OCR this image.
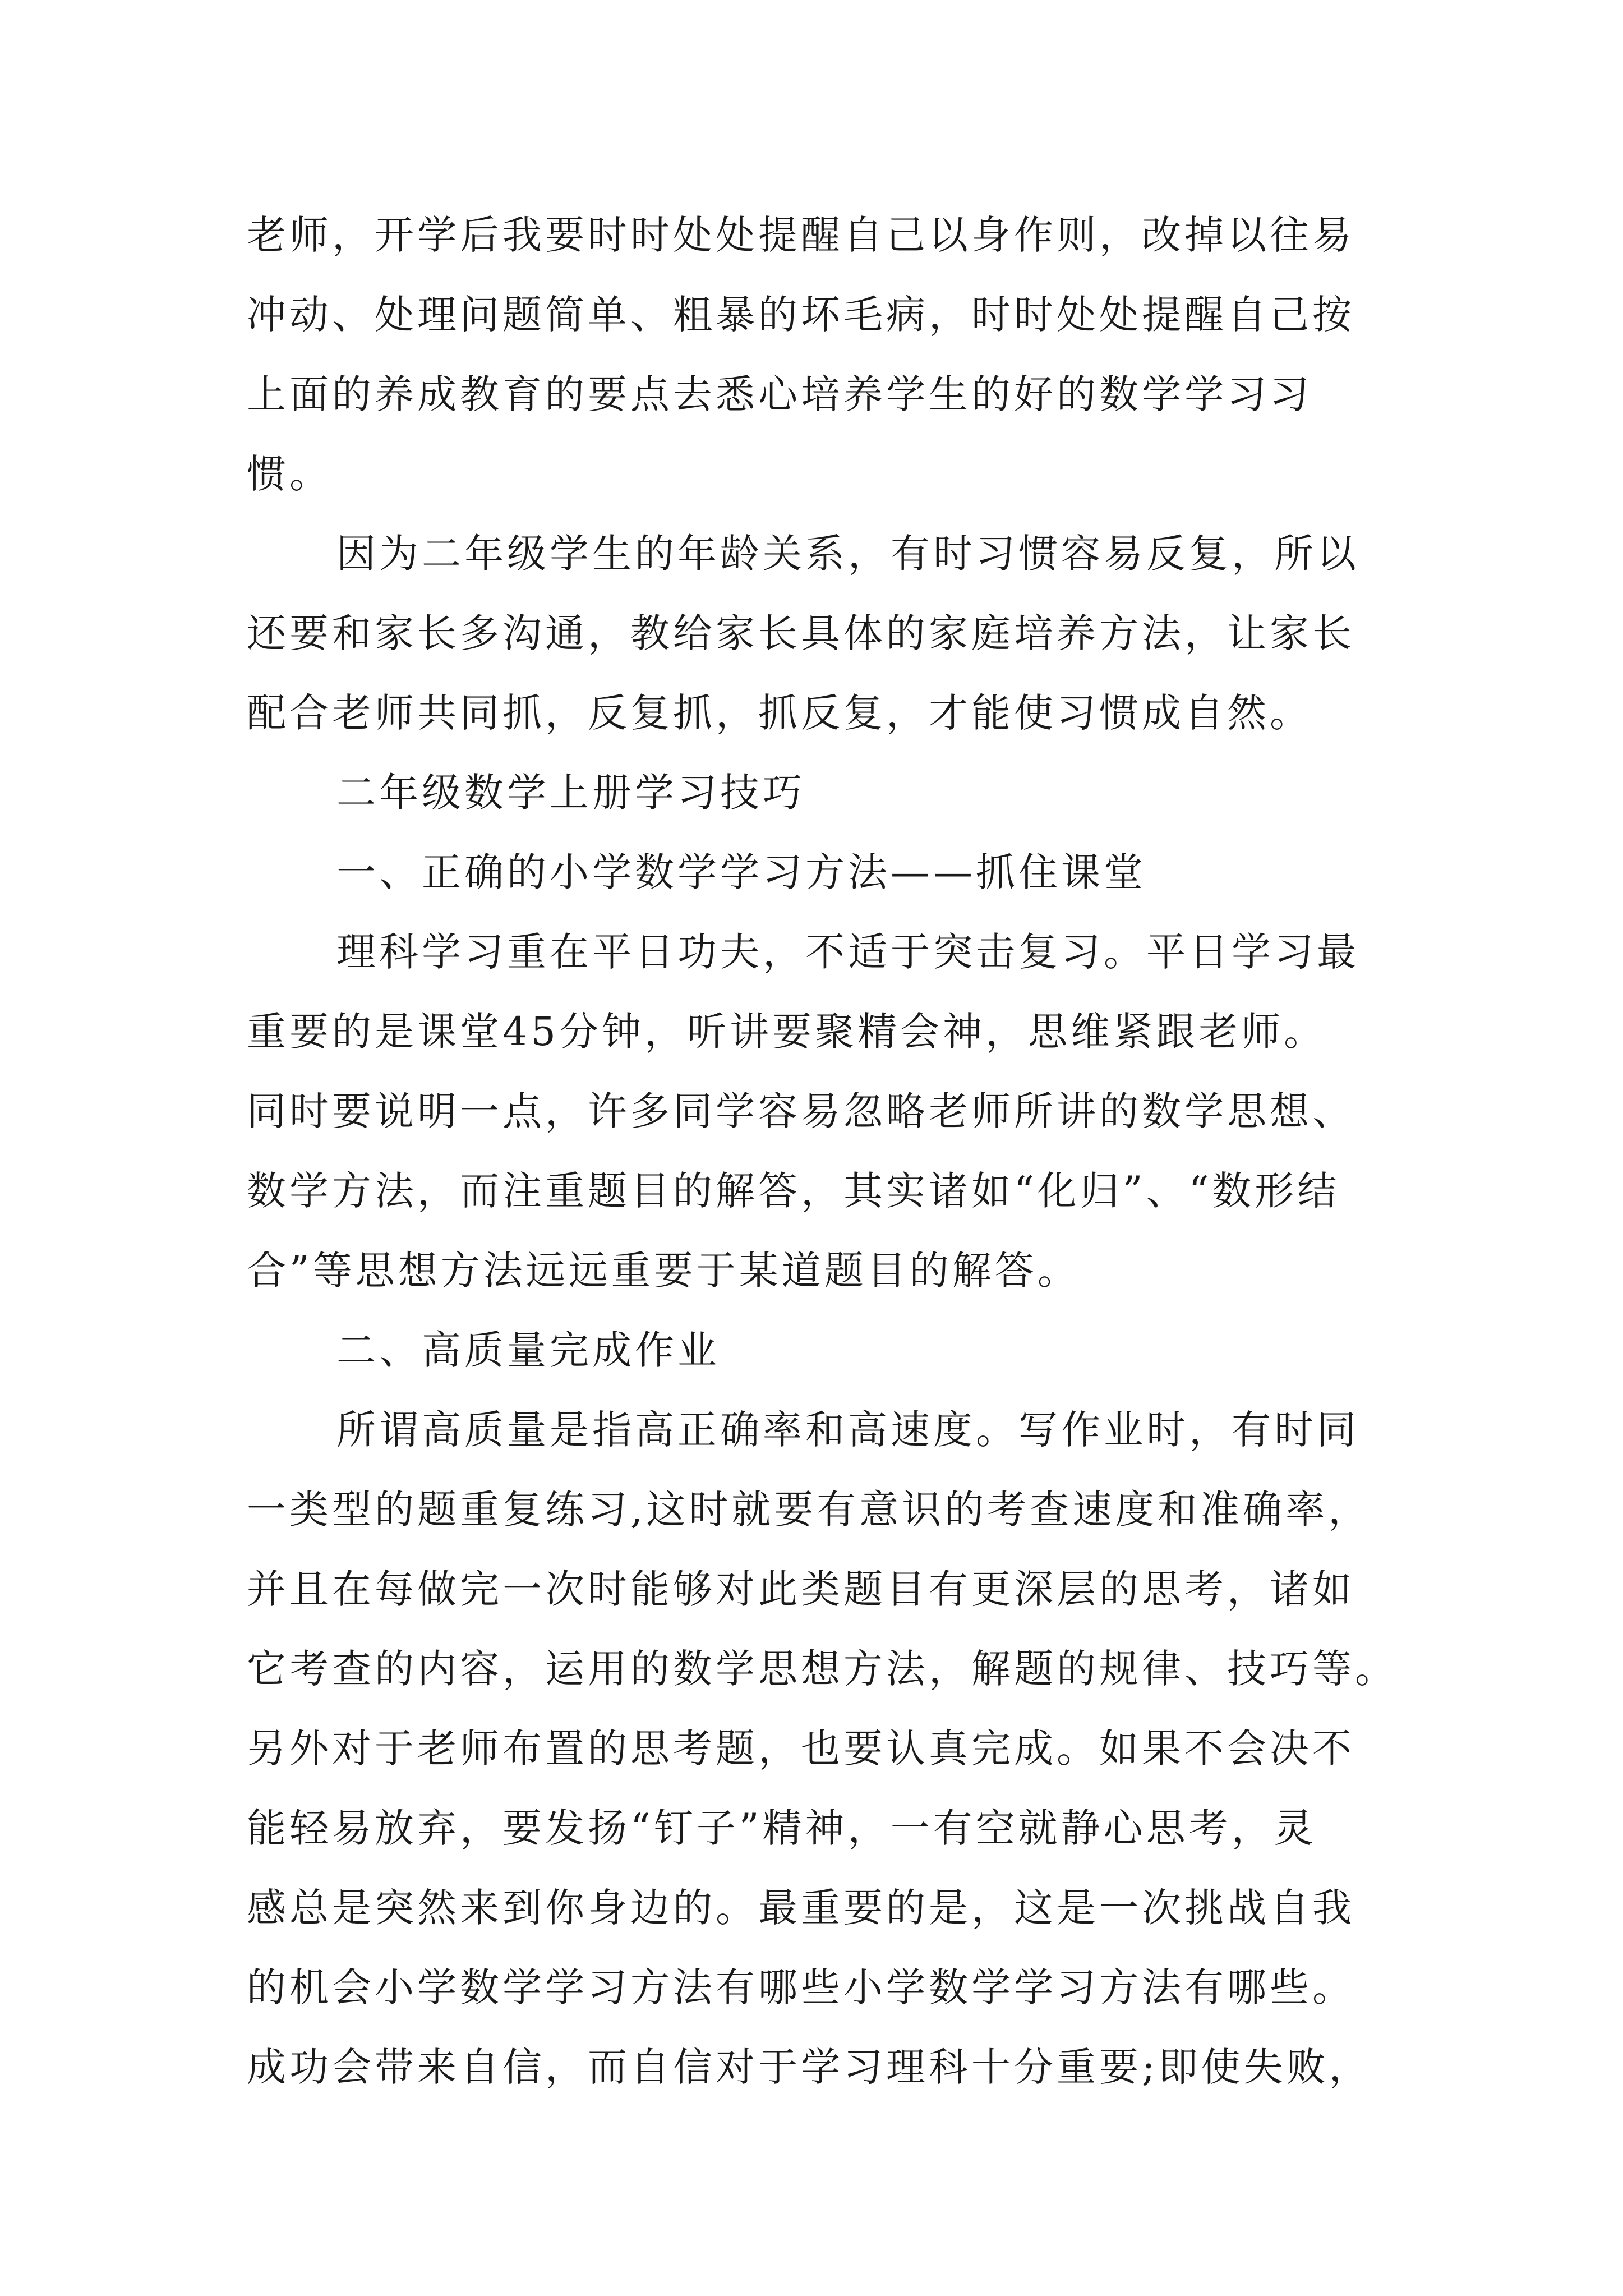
老师，开学后我要时时处处提醒自己以身作则，改掉以往易
冲动、处理问题简单、粗暴的坏毛病，时时处处提醒自己按
上面的养成教育的要点去悉心培养学生的好的数学学习习
惯。
因为二年级学生的年龄关系，有时习惯容易反复，所以
还要和家长多沟通，教给家长具体的家庭培养方法，让家长
配合老师共同抓，反复抓，抓反复，才能使习惯成自然。
二年级数学上册学习技巧
一、正确的小学数学学习方法——抓住课堂
理科学习重在平日功夫，不适于突击复习。平日学习最
重要的是课堂45分钟，听讲要聚精会神，思维紧跟老师。
同时要说明一点，许多同学容易忽略老师所讲的数学思想、
数学方法，而注重题目的解答，其实诸如“化归”、“数形结
合”等思想方法远远重要于某道题目的解答。
二、高质量完成作业
所谓高质量是指高正确率和高速度。写作业时，有时同
一类型的题重复练习,这时就要有意识的考查速度和准确率，
并且在每做完一次时能够对此类题目有更深层的思考，诸如
它考查的内容，运用的数学思想方法，解题的规律、技巧等。
另外对于老师布置的思考题，也要认真完成。如果不会决不
能轻易放弃，要发扬“钉子”精神，一有空就静心思考，灵
感总是突然来到你身边的。最重要的是，这是一次挑战自我
的机会小学数学学习方法有哪些小学数学学习方法有哪些。
成功会带来自信，而自信对于学习理科十分重要;即使失败，
